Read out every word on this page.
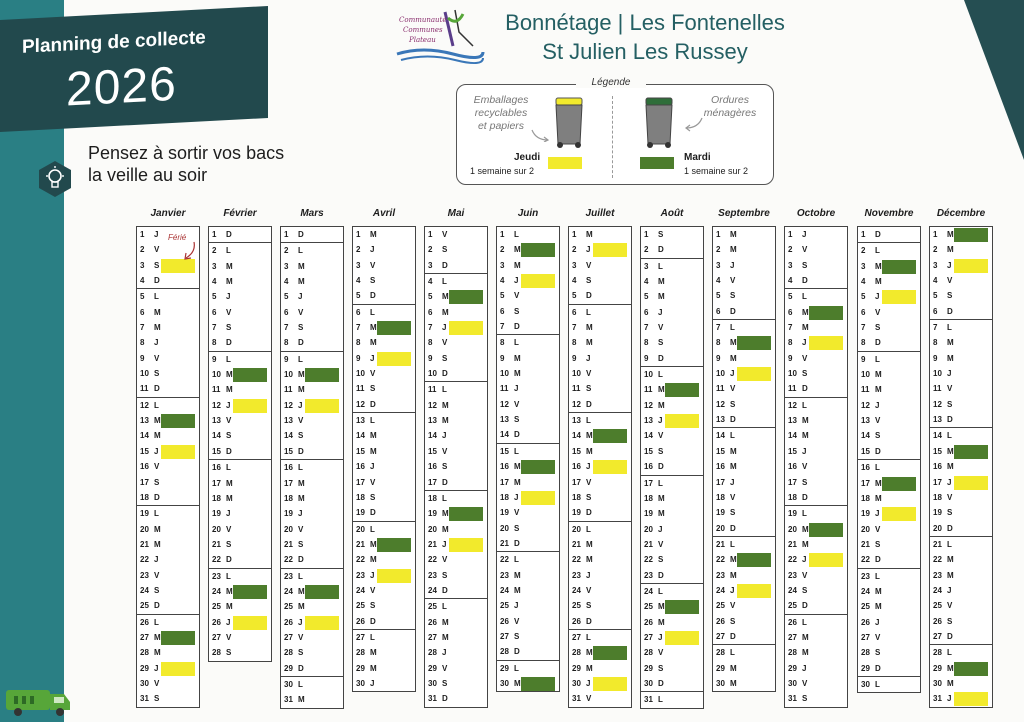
Planning de collecte
2026
Pensez à sortir vos bacs
la veille au soir
Communauté
Communes
Plateau
Bonnétage | Les Fontenelles
St Julien Les Russey
Légende
Emballages
recyclables
et papiers
Jeudi
1 semaine sur 2
Ordures
ménagères
Mardi
1 semaine sur 2
Janvier
1	J
2	V
3	S
4	D
5	L
6	M
7	M
8	J
9	V
10 S
11 D
12 L
13 M
14 M
15 J
16 V
17 S
18 D
19 L
20 M
21 M
22 J
23 V
24 S
25 D
26 L
27 M
28 M
29 J
30 V
31 S
Février
1	D
2	L
3	M
4	M
5	J
6	V
7	S
8	D
9	L
10 M
11 M
12 J
13 V
14 S
15 D
16 L
17 M
18 M
19 J
20 V
21 S
22 D
23 L
24 M
25 M
26 J
27 V
28 S
Mars
1	D
2	L
3	M
4	M
5	J
6	V
7	S
8	D
9	L
10 M
11 M
12 J
13 V
14 S
15 D
16 L
17 M
18 M
19 J
20 V
21 S
22 D
23 L
24 M
25 M
26 J
27 V
28 S
29 D
30 L
31 M
Avril
1	M
2	J
3	V
4	S
5	D
6	L
7	M
8	M
9	J
10 V
11 S
12 D
13 L
14 M
15 M
16 J
17 V
18 S
19 D
20 L
21 M
22 M
23 J
24 V
25 S
26 D
27 L
28 M
29 M
30 J
Mai
1	V
2	S
3	D
4	L
5	M
6	M
7	J
8	V
9	S
10 D
11 L
12 M
13 M
14 J
15 V
16 S
17 D
18 L
19 M
20 M
21 J
22 V
23 S
24 D
25 L
26 M
27 M
28 J
29 V
30 S
31 D
Juin
1	L
2	M
3	M
4	J
5	V
6	S
7	D
8	L
9	M
10 M
11 J
12 V
13 S
14 D
15 L
16 M
17 M
18 J
19 V
20 S
21 D
22 L
23 M
24 M
25 J
26 V
27 S
28 D
29 L
30 M
Juillet
1	M
2	J
3	V
4	S
5	D
6	L
7	M
8	M
9	J
10 V
11 S
12 D
13 L
14 M
15 M
16 J
17 V
18 S
19 D
20 L
21 M
22 M
23 J
24 V
25 S
26 D
27 L
28 M
29 M
30 J
31 V
Août
1	S
2	D
3	L
4	M
5	M
6	J
7	V
8	S
9	D
10 L
11 M
12 M
13 J
14 V
15 S
16 D
17 L
18 M
19 M
20 J
21 V
22 S
23 D
24 L
25 M
26 M
27 J
28 V
29 S
30 D
31 L
Septembre
1	M
2	M
3	J
4	V
5	S
6	D
7	L
8	M
9	M
10 J
11 V
12 S
13 D
14 L
15 M
16 M
17 J
18 V
19 S
20 D
21 L
22 M
23 M
24 J
25 V
26 S
27 D
28 L
29 M
30 M
Octobre
1	J
2	V
3	S
4	D
5	L
6	M
7	M
8	J
9	V
10 S
11 D
12 L
13 M
14 M
15 J
16 V
17 S
18 D
19 L
20 M
21 M
22 J
23 V
24 S
25 D
26 L
27 M
28 M
29 J
30 V
31 S
Novembre
1	D
2	L
3	M
4	M
5	J
6	V
7	S
8	D
9	L
10 M
11 M
12 J
13 V
14 S
15 D
16 L
17 M
18 M
19 J
20 V
21 S
22 D
23 L
24 M
25 M
26 J
27 V
28 S
29 D
30 L
Décembre
1	M
2	M
3	J
4	V
5	S
6	D
7	L
8	M
9	M
10 J
11 V
12 S
13 D
14 L
15 M
16 M
17 J
18 V
19 S
20 D
21 L
22 M
23 M
24 J
25 V
26 S
27 D
28 L
29 M
30 M
31 J
Férié
